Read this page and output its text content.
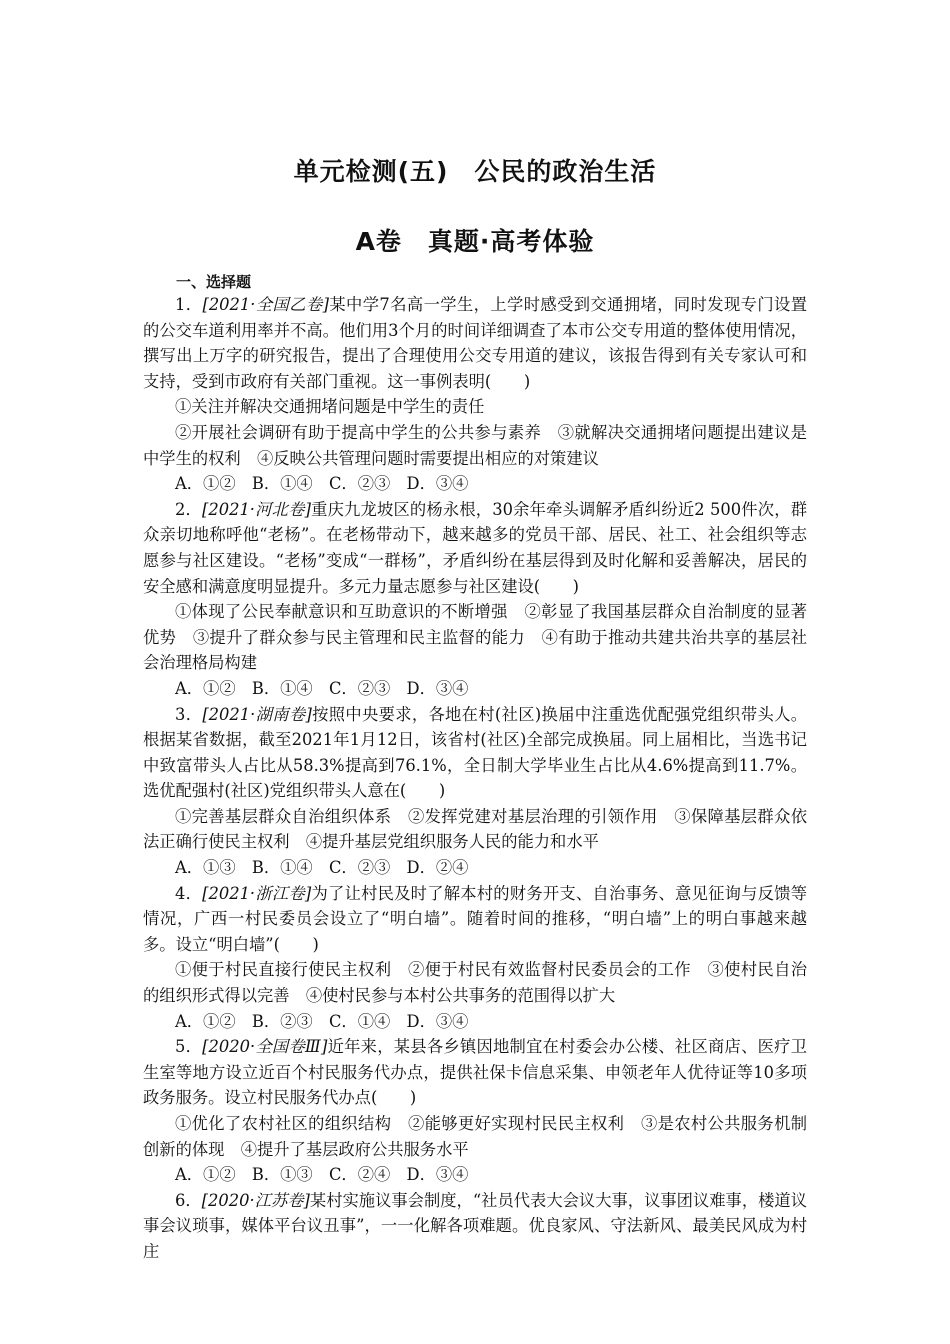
单元检测(五)　公民的政治生活
A卷　真题·高考体验
一、选择题

1．[2021·全国乙卷]某中学7名高一学生，上学时感受到交通拥堵，同时发现专门设置的公交车道利用率并不高。他们用3个月的时间详细调查了本市公交专用道的整体使用情况，撰写出上万字的研究报告，提出了合理使用公交专用道的建议，该报告得到有关专家认可和支持，受到市政府有关部门重视。这一事例表明(　　)

①关注并解决交通拥堵问题是中学生的责任

②开展社会调研有助于提高中学生的公共参与素养　③就解决交通拥堵问题提出建议是中学生的权利　④反映公共管理问题时需要提出相应的对策建议

A．①②　B．①④　C．②③　D．③④

2．[2021·河北卷]重庆九龙坡区的杨永根，30余年牵头调解矛盾纠纷近2 500件次，群众亲切地称呼他“老杨”。在老杨带动下，越来越多的党员干部、居民、社工、社会组织等志愿参与社区建设。“老杨”变成“一群杨”，矛盾纠纷在基层得到及时化解和妥善解决，居民的安全感和满意度明显提升。多元力量志愿参与社区建设(　　)

①体现了公民奉献意识和互助意识的不断增强　②彰显了我国基层群众自治制度的显著优势　③提升了群众参与民主管理和民主监督的能力　④有助于推动共建共治共享的基层社会治理格局构建

A．①②　B．①④　C．②③　D．③④

3．[2021·湖南卷]按照中央要求，各地在村(社区)换届中注重选优配强党组织带头人。根据某省数据，截至2021年1月12日，该省村(社区)全部完成换届。同上届相比，当选书记中致富带头人占比从58.3%提高到76.1%，全日制大学毕业生占比从4.6%提高到11.7%。选优配强村(社区)党组织带头人意在(　　)

①完善基层群众自治组织体系　②发挥党建对基层治理的引领作用　③保障基层群众依法正确行使民主权利　④提升基层党组织服务人民的能力和水平

A．①③　B．①④　C．②③　D．②④

4．[2021·浙江卷]为了让村民及时了解本村的财务开支、自治事务、意见征询与反馈等情况，广西一村民委员会设立了“明白墙”。随着时间的推移，“明白墙”上的明白事越来越多。设立“明白墙”(　　)

①便于村民直接行使民主权利　②便于村民有效监督村民委员会的工作　③使村民自治的组织形式得以完善　④使村民参与本村公共事务的范围得以扩大

A．①②　B．②③　C．①④　D．③④

5．[2020·全国卷Ⅲ]近年来，某县各乡镇因地制宜在村委会办公楼、社区商店、医疗卫生室等地方设立近百个村民服务代办点，提供社保卡信息采集、申领老年人优待证等10多项政务服务。设立村民服务代办点(　　)

①优化了农村社区的组织结构　②能够更好实现村民民主权利　③是农村公共服务机制创新的体现　④提升了基层政府公共服务水平

A．①②　B．①③　C．②④　D．③④

6．[2020·江苏卷]某村实施议事会制度，“社员代表大会议大事，议事团议难事，楼道议事会议琐事，媒体平台议丑事”，一一化解各项难题。优良家风、守法新风、最美民风成为村庄
